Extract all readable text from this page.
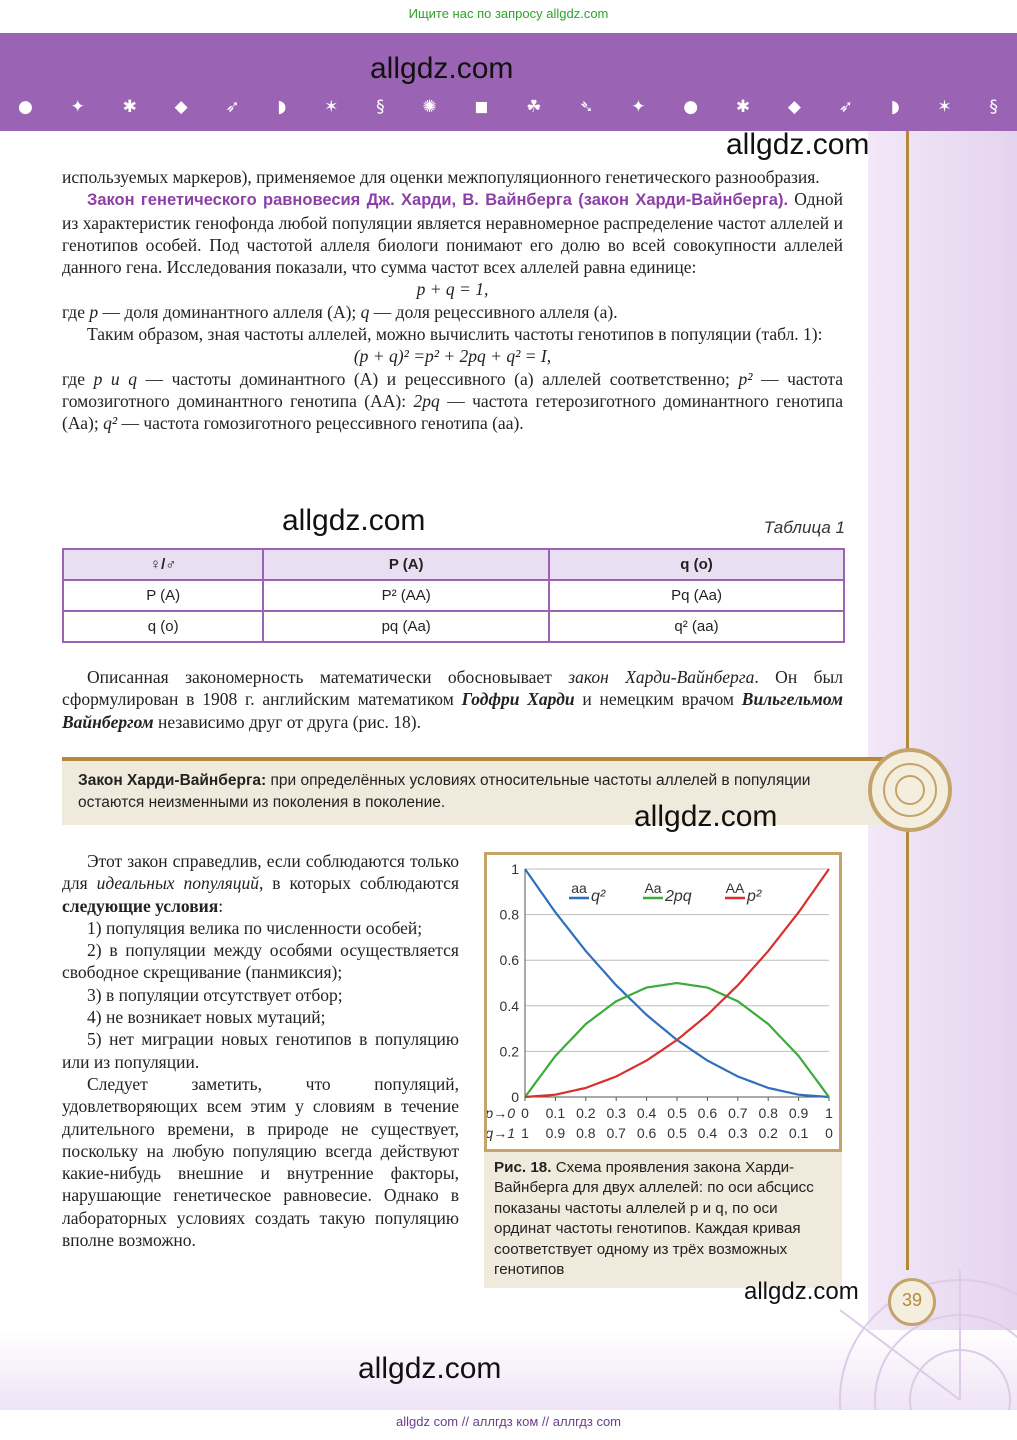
Ищите нас по запросу allgdz.com
● ✦ ✱ ◆ ➶ ◗ ✶ § ✺ ◼ ☘ ➴ ✦ ● ✱ ◆ ➶ ◗ ✶ §
allgdz.com
allgdz.com

используемых маркеров), применяемое для оценки межпопуляционного генетического разнообразия.

Закон генетического равновесия Дж. Харди, В. Вайнберга (закон Харди-Вайнберга). Одной из характеристик генофонда любой популяции является неравномерное распределение частот аллелей и генотипов особей. Под частотой аллеля биологи понимают его долю во всей совокупности аллелей данного гена. Исследования показали, что сумма частот всех аллелей равна единице:

p + q = 1,

где p — доля доминантного аллеля (А); q — доля рецессивного аллеля (а).

Таким образом, зная частоты аллелей, можно вычислить частоты генотипов в популяции (табл. 1):

(p + q)² =p² + 2pq + q² = I,

где p и q — частоты доминантного (А) и рецессивного (а) аллелей соответственно; p² — частота гомозиготного доминантного генотипа (АА): 2pq — частота гетерозиготного доминантного генотипа (Аа); q² — частота гомозиготного рецессивного генотипа (аа).

allgdz.com	Таблица 1
♀/♂	P (A)	q (o)
P (A)	P² (AA)	Pq (Aa)
q (o)	pq (Aa)	q² (aa)

Описанная закономерность математически обосновывает закон Харди-Вайнберга. Он был сформулирован в 1908 г. английским математиком Годфри Харди и немецким врачом Вильгельмом Вайнбергом независимо друг от друга (рис. 18).

Закон Харди-Вайнберга: при определённых условиях относительные частоты аллелей в популяции остаются неизменными из поколения в поколение.	allgdz.com

Этот закон справедлив, если соблюдаются только для идеальных популяций, в которых соблюдаются следующие условия:

1) популяция велика по численности особей;

2) в популяции между особями осуществляется свободное скрещивание (панмиксия);

3) в популяции отсутствует отбор;

4) не возникает новых мутаций;

5) нет миграции новых генотипов в популяцию или из популяции.

Следует заметить, что популяций, удовлетворяющих всем этим у словиям в течение длительного времени, в природе не существует, поскольку на любую популяцию всегда действуют какие-нибудь внешние и внутренние факторы, нарушающие генетическое равновесие. Однако в лабораторных условиях создать такую популяцию вполне возможно.

0
0.2
0.4
0.6
0.8
1
0
1
0.1
0.9
0.2
0.8
0.3
0.7
0.4
0.6
0.5
0.5
0.6
0.4
0.7
0.3
0.8
0.2
0.9
0.1
1
0
p→0
q→1
aa q²	Aa 2pq AA p²
Рис. 18. Схема проявления закона Харди-Вайнберга для двух аллелей: по оси абсцисс показаны частоты аллелей p и q, по оси ординат частоты генотипов. Каждая кривая соответствует одному из трёх возможных генотипов
allgdz.com	39
allgdz.com
allgdz com // аллгдз ком // аллгдз com
